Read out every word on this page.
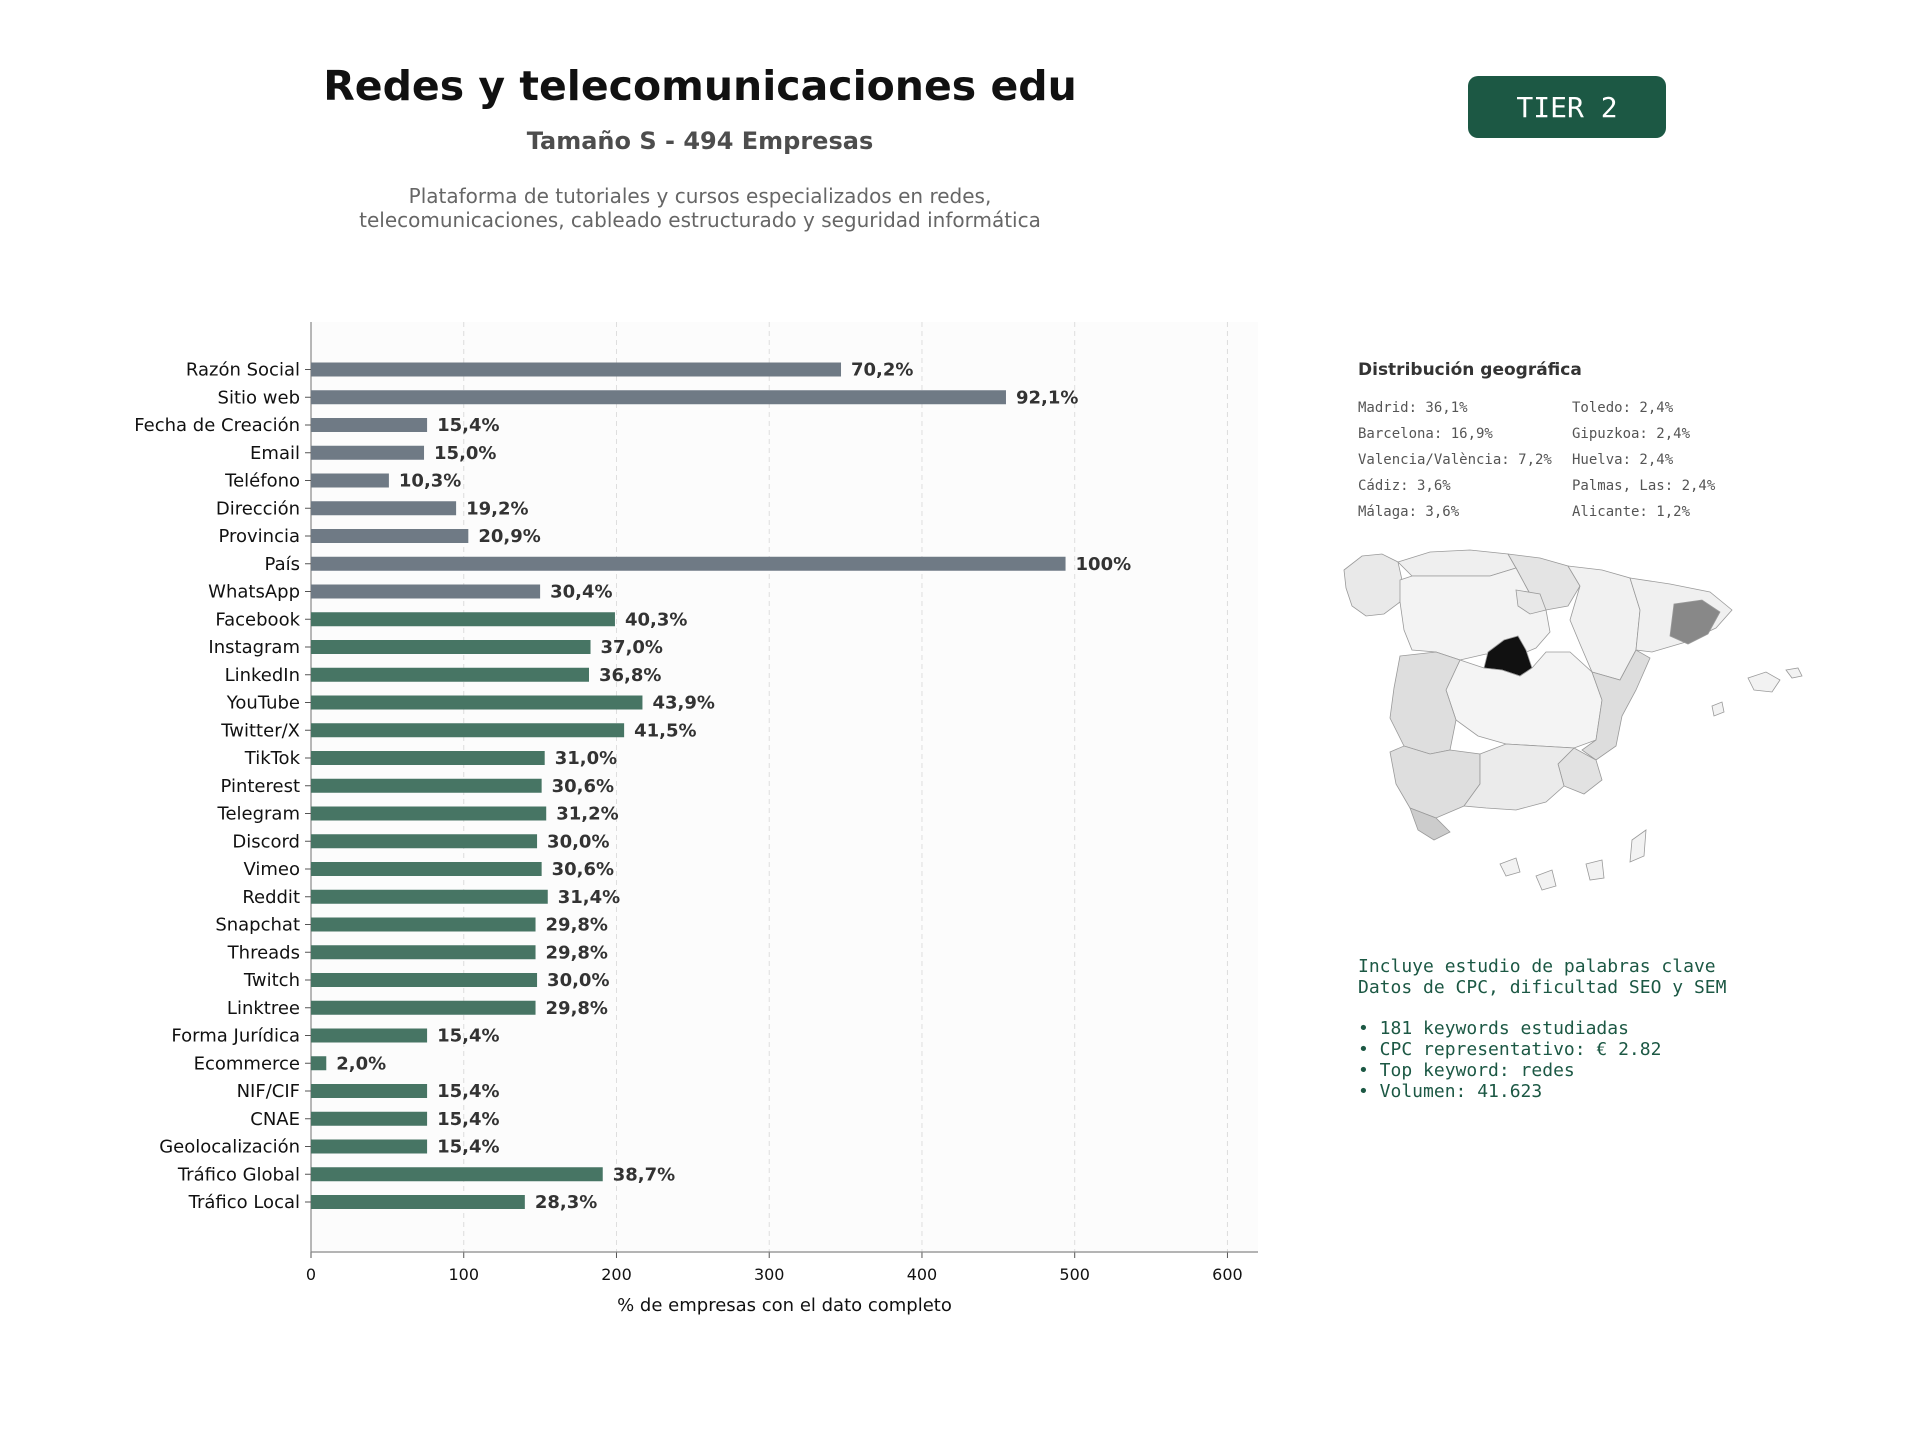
Redes y telecomunicaciones edu
Tamaño S - 494 Empresas
Plataforma de tutoriales y cursos especializados en redes,
telecomunicaciones, cableado estructurado y seguridad informática
TIER 2
0	100	200	300	400	500	600
% de empresas con el dato completo
Razón Social	70,2%
Sitio web	92,1%
Fecha de Creación	15,4%
Email	15,0%
Teléfono	10,3%
Dirección	19,2%
Provincia	20,9%
País	100%
WhatsApp	30,4%
Facebook	40,3%
Instagram	37,0%
LinkedIn	36,8%
YouTube	43,9%
Twitter/X	41,5%
TikTok	31,0%
Pinterest	30,6%
Telegram	31,2%
Discord	30,0%
Vimeo	30,6%
Reddit	31,4%
Snapchat	29,8%
Threads	29,8%
Twitch	30,0%
Linktree	29,8%
Forma Jurídica	15,4%
Ecommerce 2,0%
NIF/CIF	15,4%
CNAE	15,4%
Geolocalización	15,4%
Tráfico Global	38,7%
Tráfico Local	28,3%
Distribución geográfica
Madrid: 36,1%
Barcelona: 16,9%
Valencia/València: 7,2%
Cádiz: 3,6%
Málaga: 3,6%
Toledo: 2,4%
Gipuzkoa: 2,4%
Huelva: 2,4%
Palmas, Las: 2,4%
Alicante: 1,2%
Incluye estudio de palabras clave
Datos de CPC, dificultad SEO y SEM
• 181 keywords estudiadas
• CPC representativo: € 2.82
• Top keyword: redes
• Volumen: 41.623
